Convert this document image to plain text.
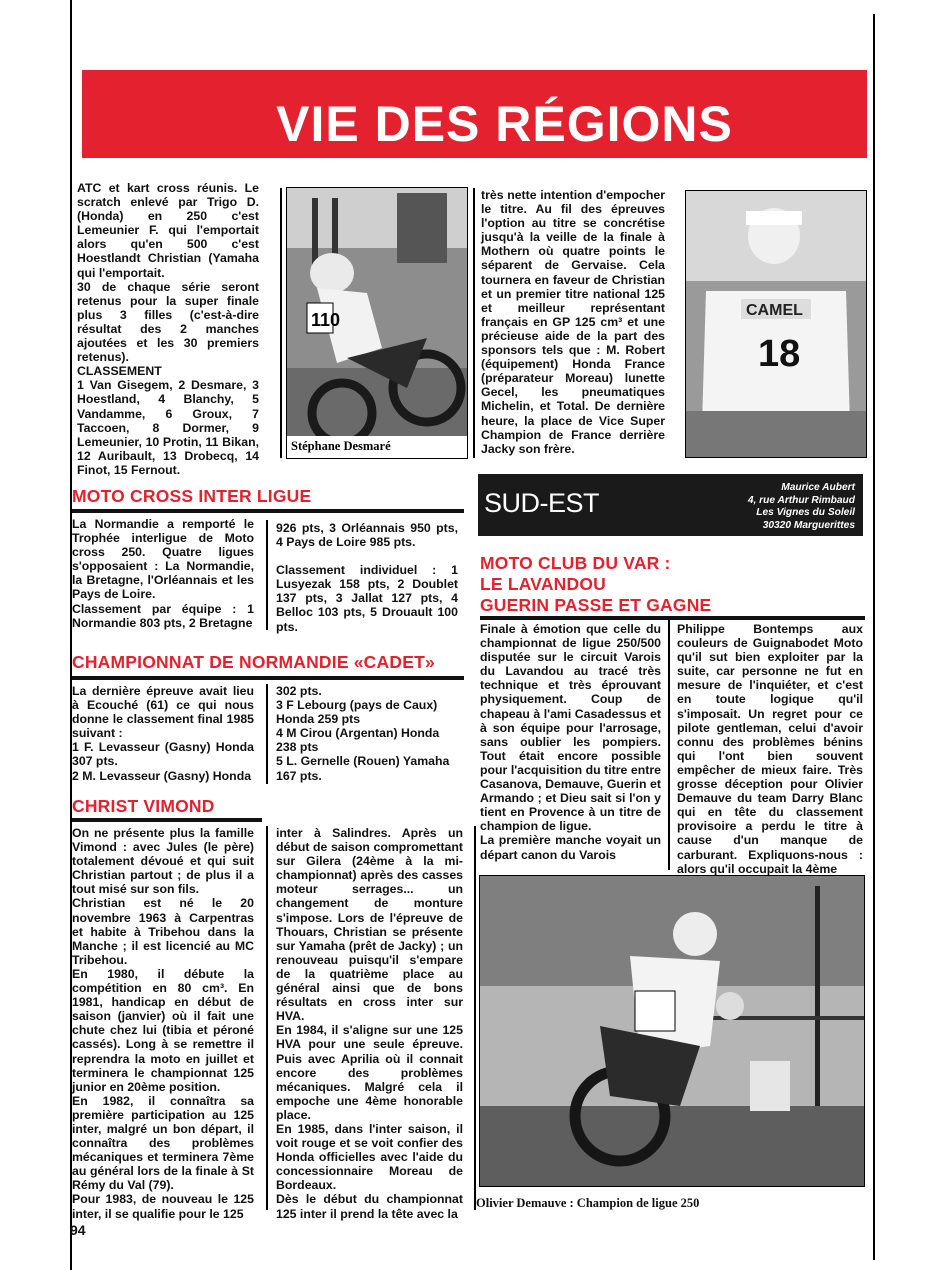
VIE DES RÉGIONS

ATC et kart cross réunis. Le scratch enlevé par Trigo D. (Honda) en 250 c'est Lemeunier F. qui l'emportait alors qu'en 500 c'est Hoestlandt Christian (Yamaha qui l'emportait.

30 de chaque série seront retenus pour la super finale plus 3 filles (c'est-à-dire résultat des 2 manches ajoutées et les 30 premiers retenus).

CLASSEMENT

1 Van Gisegem, 2 Desmare, 3 Hoestland, 4 Blanchy, 5 Vandamme, 6 Groux, 7 Taccoen, 8 Dormer, 9 Lemeunier, 10 Protin, 11 Bikan, 12 Auribault, 13 Drobecq, 14 Finot, 15 Fernout.

110
Stéphane Desmaré

très nette intention d'empocher le titre. Au fil des épreuves l'option au titre se concrétise jusqu'à la veille de la finale à Mothern où quatre points le séparent de Gervaise. Cela tournera en faveur de Christian et un premier titre national 125 et meilleur représentant français en GP 125 cm³ et une précieuse aide de la part des sponsors tels que : M. Robert (équipement) Honda France (préparateur Moreau) lunette Gecel, les pneumatiques Michelin, et Total. De dernière heure, la place de Vice Super Champion de France derrière Jacky son frère.

CAMEL
18
MOTO CROSS INTER LIGUE

La Normandie a remporté le Trophée interligue de Moto cross 250. Quatre ligues s'opposaient : La Normandie, la Bretagne, l'Orléannais et les Pays de Loire.

Classement par équipe : 1 Normandie 803 pts, 2 Bretagne

926 pts, 3 Orléannais 950 pts, 4 Pays de Loire 985 pts.

Classement individuel : 1 Lusyezak 158 pts, 2 Doublet 137 pts, 3 Jallat 127 pts, 4 Belloc 103 pts, 5 Drouault 100 pts.

CHAMPIONNAT DE NORMANDIE «CADET»

La dernière épreuve avait lieu à Ecouché (61) ce qui nous donne le classement final 1985 suivant :

1 F. Levasseur (Gasny) Honda 307 pts.

2 M. Levasseur (Gasny) Honda

302 pts.

3 F Lebourg (pays de Caux) Honda 259 pts

4 M Cirou (Argentan) Honda 238 pts

5 L. Gernelle (Rouen) Yamaha 167 pts.

CHRIST VIMOND

On ne présente plus la famille Vimond : avec Jules (le père) totalement dévoué et qui suit Christian partout ; de plus il a tout misé sur son fils.

Christian est né le 20 novembre 1963 à Carpentras et habite à Tribehou dans la Manche ; il est licencié au MC Tribehou.

En 1980, il débute la compétition en 80 cm³. En 1981, handicap en début de saison (janvier) où il fait une chute chez lui (tibia et péroné cassés). Long à se remettre il reprendra la moto en juillet et terminera le championnat 125 junior en 20ème position.

En 1982, il connaîtra sa première participation au 125 inter, malgré un bon départ, il connaîtra des problèmes mécaniques et terminera 7ème au général lors de la finale à St Rémy du Val (79).

Pour 1983, de nouveau le 125 inter, il se qualifie pour le 125

inter à Salindres. Après un début de saison compromettant sur Gilera (24ème à la mi-championnat) après des casses moteur serrages... un changement de monture s'impose. Lors de l'épreuve de Thouars, Christian se présente sur Yamaha (prêt de Jacky) ; un renouveau puisqu'il s'empare de la quatrième place au général ainsi que de bons résultats en cross inter sur HVA.

En 1984, il s'aligne sur une 125 HVA pour une seule épreuve. Puis avec Aprilia où il connait encore des problèmes mécaniques. Malgré cela il empoche une 4ème honorable place.

En 1985, dans l'inter saison, il voit rouge et se voit confier des Honda officielles avec l'aide du concessionnaire Moreau de Bordeaux.

Dès le début du championnat 125 inter il prend la tête avec la

SUD-EST
Maurice Aubert
4, rue Arthur Rimbaud
Les Vignes du Soleil
30320 Marguerittes
MOTO CLUB DU VAR :
LE LAVANDOU
GUERIN PASSE ET GAGNE

Finale à émotion que celle du championnat de ligue 250/500 disputée sur le circuit Varois du Lavandou au tracé très technique et très éprouvant physiquement. Coup de chapeau à l'ami Casadessus et à son équipe pour l'arrosage, sans oublier les pompiers. Tout était encore possible pour l'acquisition du titre entre Casanova, Demauve, Guerin et Armando ; et Dieu sait si l'on y tient en Provence à un titre de champion de ligue.

La première manche voyait un départ canon du Varois

Philippe Bontemps aux couleurs de Guignabodet Moto qu'il sut bien exploiter par la suite, car personne ne fut en mesure de l'inquiéter, et c'est en toute logique qu'il s'imposait. Un regret pour ce pilote gentleman, celui d'avoir connu des problèmes bénins qui l'ont bien souvent empêcher de mieux faire. Très grosse déception pour Olivier Demauve du team Darry Blanc qui en tête du classement provisoire a perdu le titre à cause d'un manque de carburant. Expliquons-nous : alors qu'il occupait la 4ème

Olivier Demauve : Champion de ligue 250
94
